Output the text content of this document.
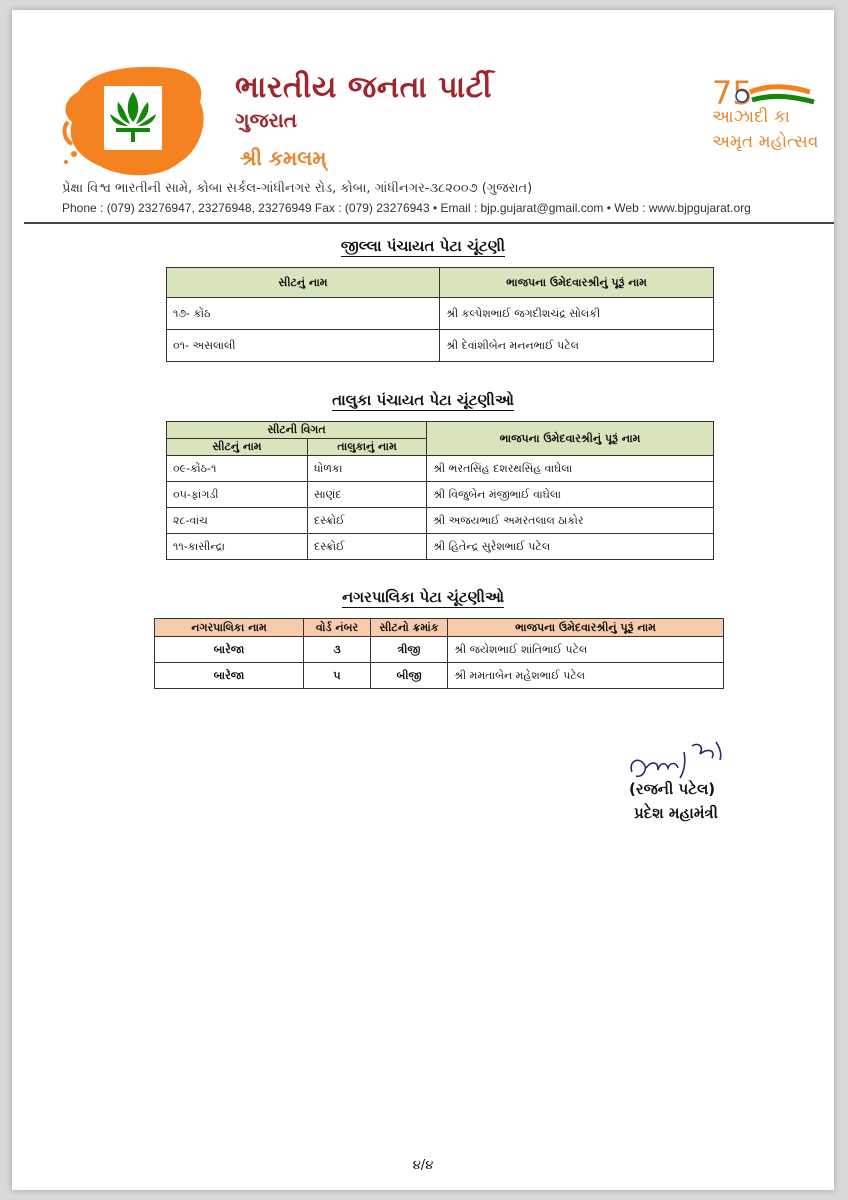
ભારતીય જનતા પાર્ટી
ગુજરાત
શ્રી કમલમ્
75
આઝાદી કા
અમૃત મહોત્સવ
પ્રેક્ષા વિશ્વ ભારતીની સામે, કોબા સર્કલ-ગાંધીનગર રોડ, કોબા, ગાંધીનગર-૩૮૨૦૦૭ (ગુજરાત)
Phone : (079) 23276947, 23276948, 23276949 Fax : (079) 23276943 • Email : bjp.gujarat@gmail.com • Web : www.bjpgujarat.org
જીલ્લા પંચાયત પેટા ચૂંટણી
સીટનું નામ	ભાજપના ઉમેદવારશ્રીનું પૂરૂં નામ
૧૭- કોંઠ	શ્રી કલ્પેશભાઈ જગદીશચંદ્ર સોલંકી
૦૧- અસલાલી	શ્રી દેવાંશીબેન મનનભાઈ પટેલ
તાલુકા પંચાયત પેટા ચૂંટણીઓ
સીટની વિગત		ભાજપના ઉમેદવારશ્રીનું પૂરૂં નામ
સીટનું નામ	તાલુકાનું નામ	
૦૯-કોંઠ-૧	ધોળકા	શ્રી ભરતસિંહ દશરથસિંહ વાઘેલા
૦૫-ફાંગડી	સાણંદ	શ્રી વિજુબેન મંજીભાઈ વાઘેલા
૨૮-વાંચ	દસ્ક્રોઈ	શ્રી અજયભાઈ અમરતલાલ ઠાકોર
૧૧-કાસીન્દ્રા	દસ્ક્રોઈ	શ્રી હિતેન્દ્ર સુરેશભાઈ પટેલ
નગરપાલિકા પેટા ચૂંટણીઓ
નગરપાલિકા નામ	વોર્ડ નંબર	સીટનો ક્રમાંક	ભાજપના ઉમેદવારશ્રીનું પૂરૂં નામ
બારેજા	૩	ત્રીજી	શ્રી જયેશભાઈ શાંતિભાઈ પટેલ
બારેજા	૫	બીજી	શ્રી મમતાબેન મહેશભાઈ પટેલ
(રજની પટેલ)
પ્રદેશ મહામંત્રી
૪/૪
